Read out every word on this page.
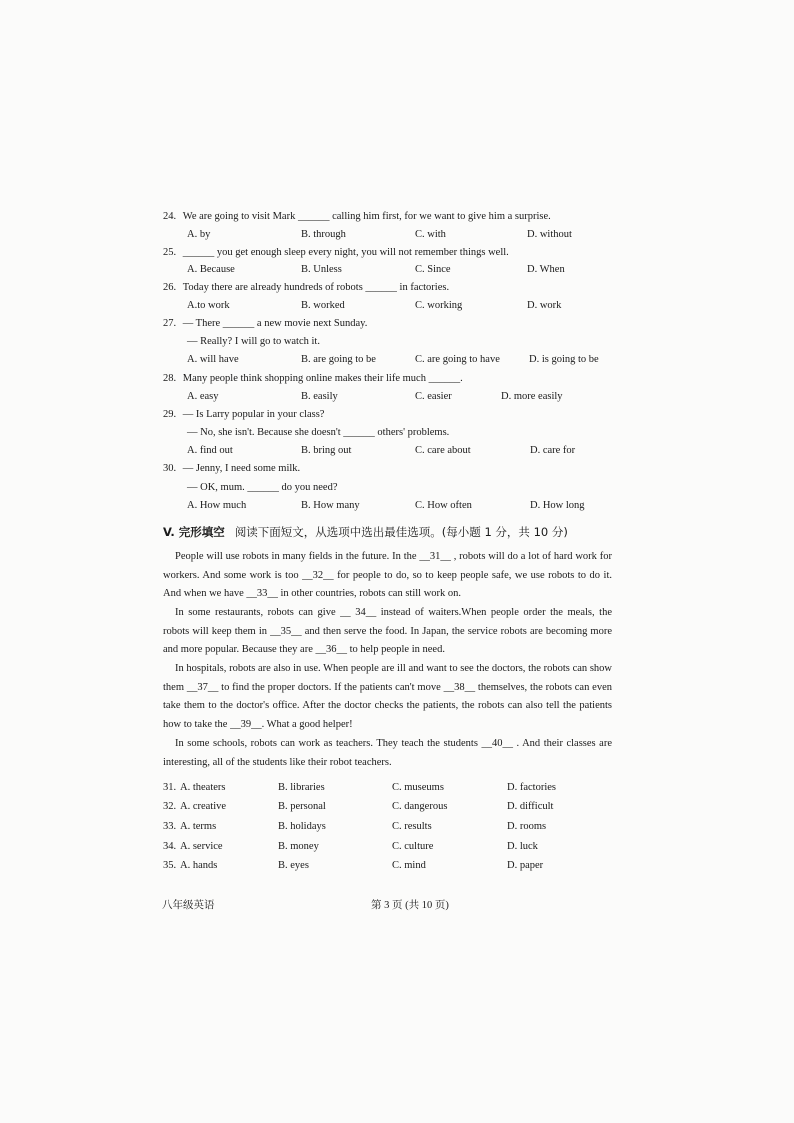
24. We are going to visit Mark ______ calling him first, for we want to give him a surprise.
A. by	B. through	C. with	D. without
25. ______ you get enough sleep every night, you will not remember things well.
A. Because	B. Unless	C. Since	D. When
26. Today there are already hundreds of robots ______ in factories.
A.to work	B. worked	C. working	D. work
27. — There ______ a new movie next Sunday.
— Really? I will go to watch it.
A. will have	B. are going to be	C. are going to have	D. is going to be
28. Many people think shopping online makes their life much ______.
A. easy	B. easily	C. easier	D. more easily
29. — Is Larry popular in your class?
— No, she isn't. Because she doesn't ______ others' problems.
A. find out	B. bring out	C. care about	D. care for
30. — Jenny, I need some milk.
— OK, mum. ______ do you need?
A. How much	B. How many	C. How often	D. How long
V. 完形填空 阅读下面短文，从选项中选出最佳选项。(每小题 1 分，共 10 分)
People will use robots in many fields in the future. In the __31__ , robots will do a lot of hard work for workers. And some work is too __32__ for people to do, so to keep people safe, we use robots to do it. And when we have __33__ in other countries, robots can still work on.
In some restaurants, robots can give __ 34__ instead of waiters.When people order the meals, the robots will keep them in __35__ and then serve the food. In Japan, the service robots are becoming more and more popular. Because they are __36__ to help people in need.
In hospitals, robots are also in use. When people are ill and want to see the doctors, the robots can show them __37__ to find the proper doctors. If the patients can't move __38__ themselves, the robots can even take them to the doctor's office. After the doctor checks the patients, the robots can also tell the patients how to take the __39__. What a good helper!
In some schools, robots can work as teachers. They teach the students __40__ . And their classes are interesting, all of the students like their robot teachers.
31. A. theaters	B. libraries	C. museums	D. factories
32. A. creative	B. personal	C. dangerous	D. difficult
33. A. terms	B. holidays	C. results	D. rooms
34. A. service	B. money	C. culture	D. luck
35. A. hands	B. eyes	C. mind	D. paper
八年级英语	第 3 页 (共 10 页)
